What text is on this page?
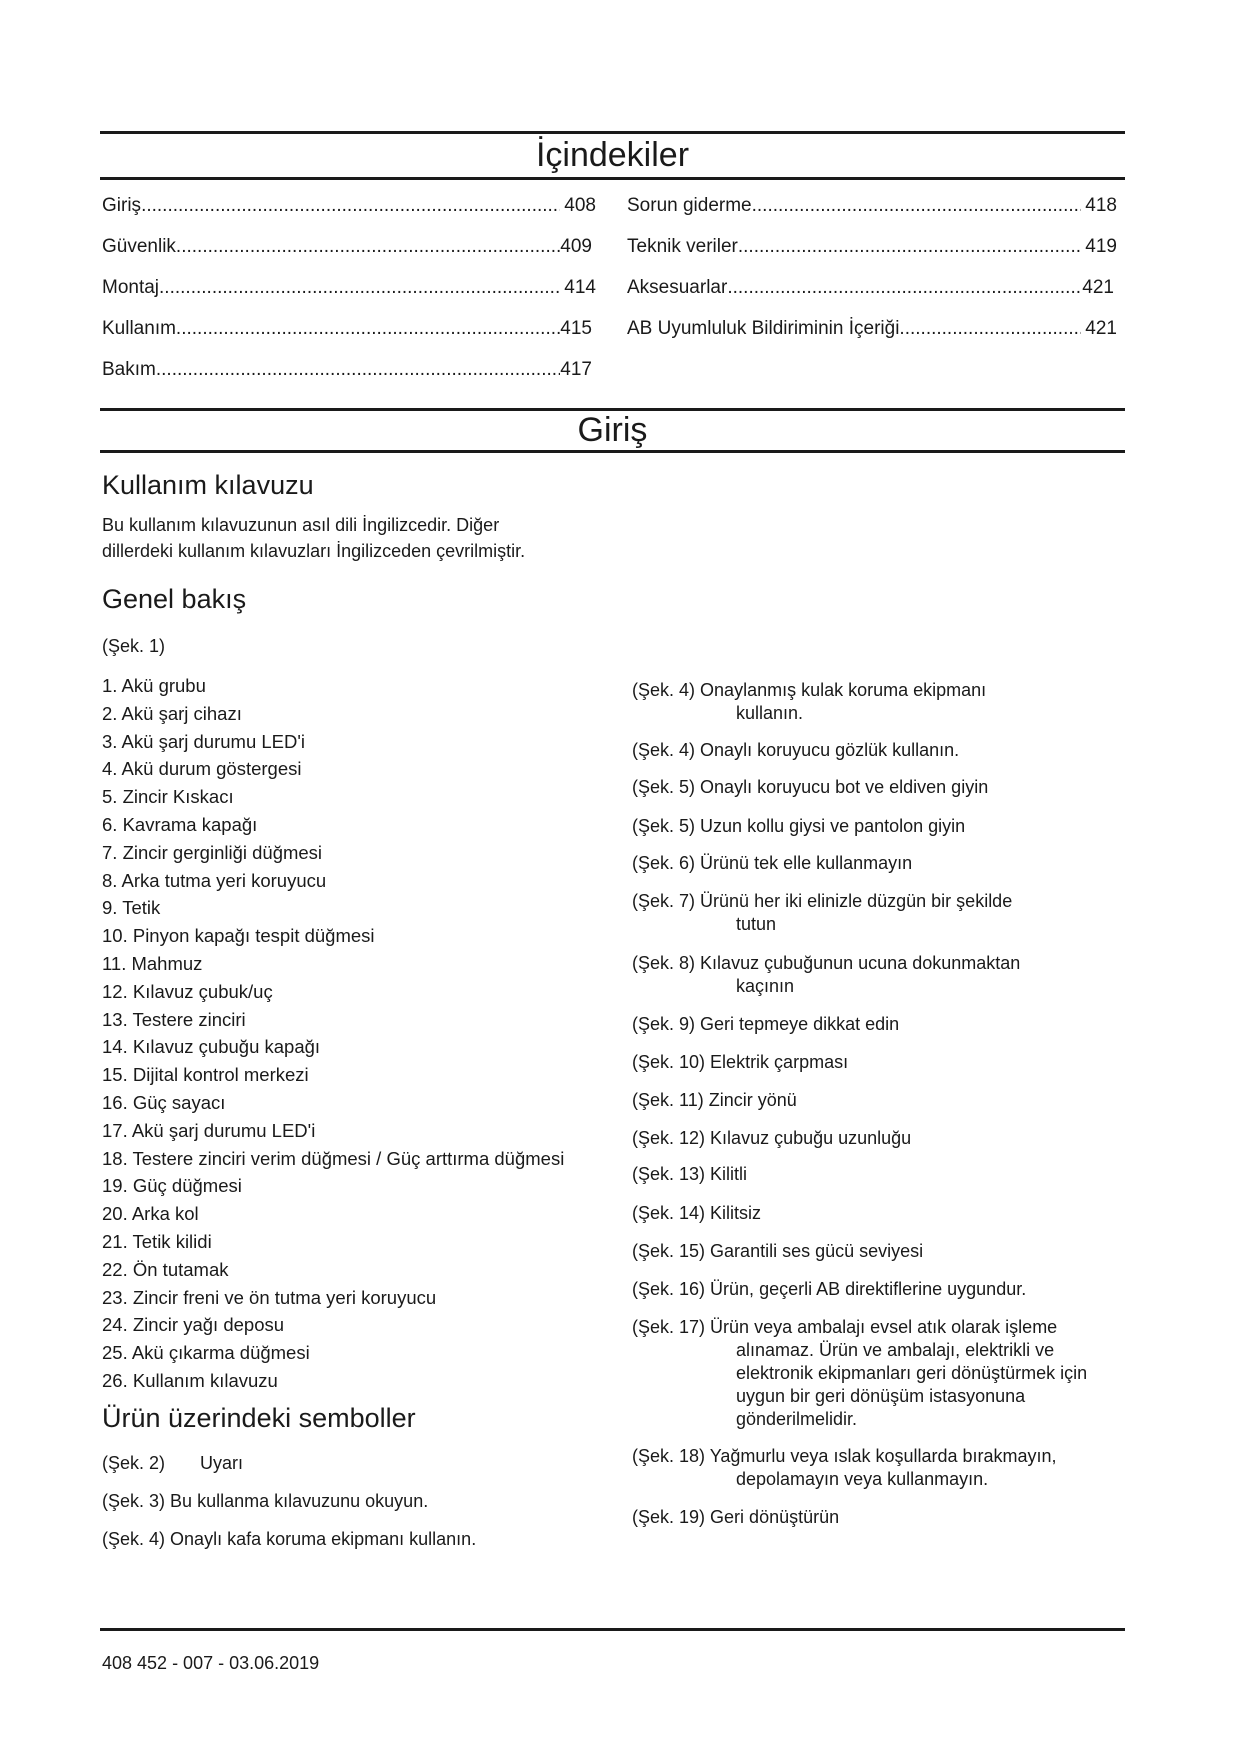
İçindekiler
Giriş .....	408
Güvenlik .....	409
Montaj .....	414
Kullanım .....	415
Bakım .....	417
Sorun giderme .....	418
Teknik veriler .....	419
Aksesuarlar .....	421
AB Uyumluluk Bildiriminin İçeriği .....	421
Giriş
Kullanım kılavuzu
Bu kullanım kılavuzunun asıl dili İngilizcedir. Diğer
dillerdeki kullanım kılavuzları İngilizceden çevrilmiştir.
Genel bakış
(Şek. 1)
1. Akü grubu
2. Akü şarj cihazı
3. Akü şarj durumu LED'i
4. Akü durum göstergesi
5. Zincir Kıskacı
6. Kavrama kapağı
7. Zincir gerginliği düğmesi
8. Arka tutma yeri koruyucu
9. Tetik
10. Pinyon kapağı tespit düğmesi
11. Mahmuz
12. Kılavuz çubuk/uç
13. Testere zinciri
14. Kılavuz çubuğu kapağı
15. Dijital kontrol merkezi
16. Güç sayacı
17. Akü şarj durumu LED'i
18. Testere zinciri verim düğmesi / Güç arttırma düğmesi
19. Güç düğmesi
20. Arka kol
21. Tetik kilidi
22. Ön tutamak
23. Zincir freni ve ön tutma yeri koruyucu
24. Zincir yağı deposu
25. Akü çıkarma düğmesi
26. Kullanım kılavuzu
Ürün üzerindeki semboller
(Şek. 2) Uyarı
(Şek. 3) Bu kullanma kılavuzunu okuyun.
(Şek. 4) Onaylı kafa koruma ekipmanı kullanın.
(Şek. 4) Onaylanmış kulak koruma ekipmanı
kullanın.
(Şek. 4) Onaylı koruyucu gözlük kullanın.
(Şek. 5) Onaylı koruyucu bot ve eldiven giyin
(Şek. 5) Uzun kollu giysi ve pantolon giyin
(Şek. 6) Ürünü tek elle kullanmayın
(Şek. 7) Ürünü her iki elinizle düzgün bir şekilde
tutun
(Şek. 8) Kılavuz çubuğunun ucuna dokunmaktan
kaçının
(Şek. 9) Geri tepmeye dikkat edin
(Şek. 10) Elektrik çarpması
(Şek. 11) Zincir yönü
(Şek. 12) Kılavuz çubuğu uzunluğu
(Şek. 13) Kilitli
(Şek. 14) Kilitsiz
(Şek. 15) Garantili ses gücü seviyesi
(Şek. 16) Ürün, geçerli AB direktiflerine uygundur.
(Şek. 17) Ürün veya ambalajı evsel atık olarak işleme
alınamaz. Ürün ve ambalajı, elektrikli ve elektronik ekipmanları geri dönüştürmek için uygun bir geri dönüşüm istasyonuna gönderilmelidir.
(Şek. 18) Yağmurlu veya ıslak koşullarda bırakmayın,
depolamayın veya kullanmayın.
(Şek. 19) Geri dönüştürün
408 452 - 007 - 03.06.2019
